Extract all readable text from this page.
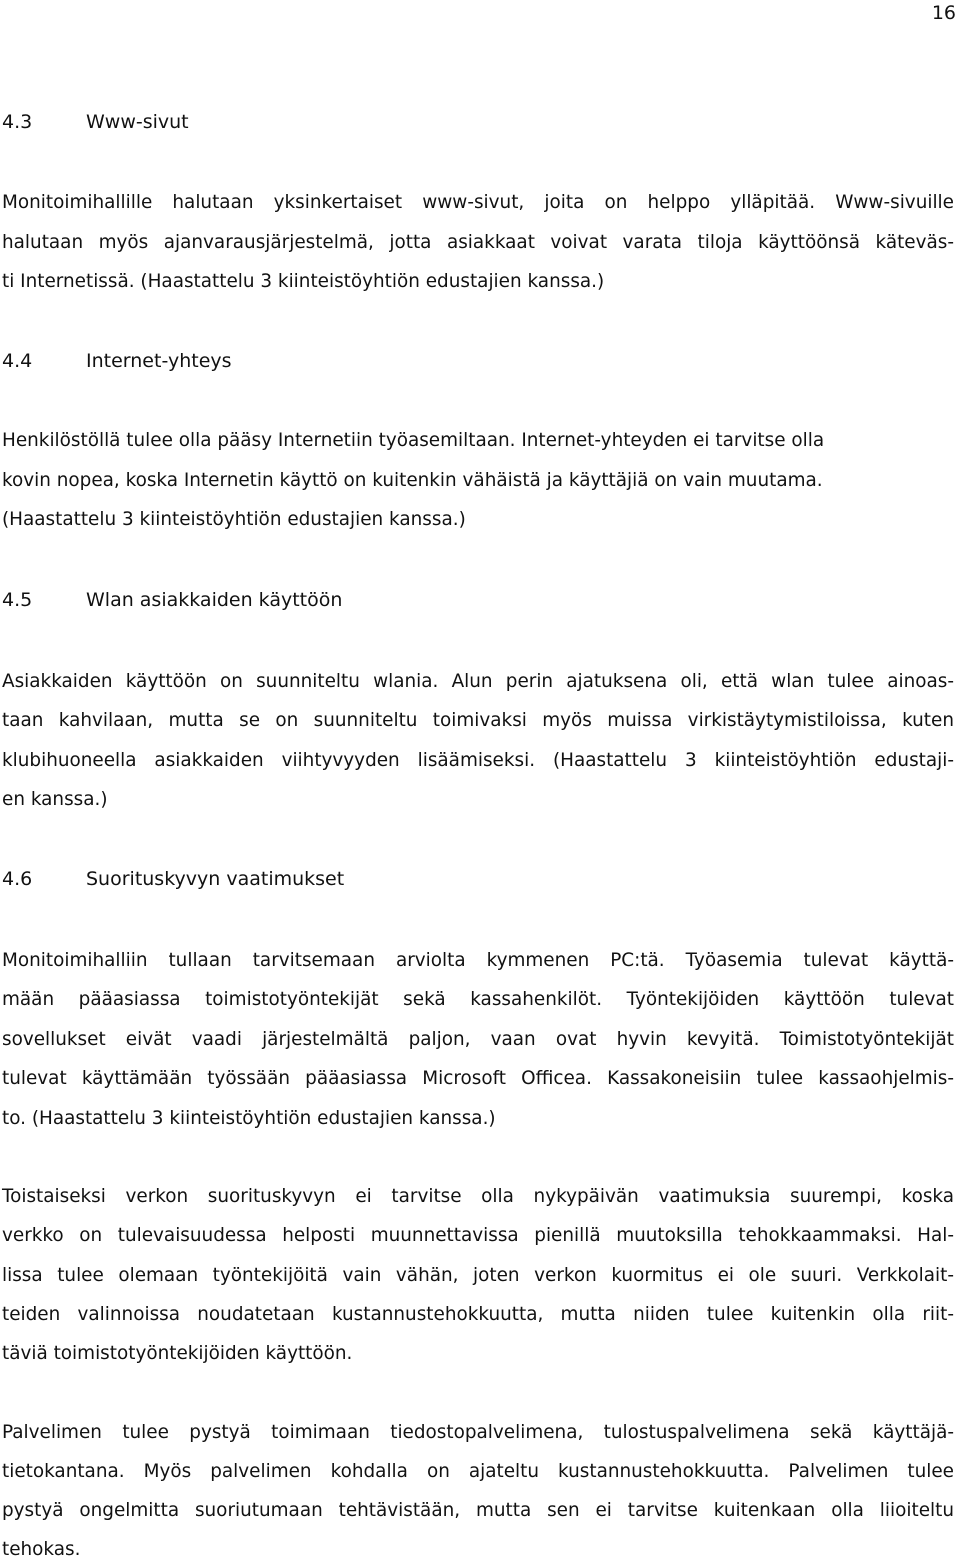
16
4.3	Www-sivut
Monitoimihallille halutaan yksinkertaiset www-sivut, joita on helppo ylläpitää. Www-sivuille
halutaan myös ajanvarausjärjestelmä, jotta asiakkaat voivat varata tiloja käyttöönsä käteväs-
ti Internetissä. (Haastattelu 3 kiinteistöyhtiön edustajien kanssa.)
4.4	Internet-yhteys
Henkilöstöllä tulee olla pääsy Internetiin työasemiltaan. Internet-yhteyden ei tarvitse olla
kovin nopea, koska Internetin käyttö on kuitenkin vähäistä ja käyttäjiä on vain muutama.
(Haastattelu 3 kiinteistöyhtiön edustajien kanssa.)
4.5	Wlan asiakkaiden käyttöön
Asiakkaiden käyttöön on suunniteltu wlania. Alun perin ajatuksena oli, että wlan tulee ainoas-
taan kahvilaan, mutta se on suunniteltu toimivaksi myös muissa virkistäytymistiloissa, kuten
klubihuoneella asiakkaiden viihtyvyyden lisäämiseksi. (Haastattelu 3 kiinteistöyhtiön edustaji-
en kanssa.)
4.6	Suorituskyvyn vaatimukset
Monitoimihalliin tullaan tarvitsemaan arviolta kymmenen PC:tä. Työasemia tulevat käyttä-
mään pääasiassa toimistotyöntekijät sekä kassahenkilöt. Työntekijöiden käyttöön tulevat
sovellukset eivät vaadi järjestelmältä paljon, vaan ovat hyvin kevyitä. Toimistotyöntekijät
tulevat käyttämään työssään pääasiassa Microsoft Officea. Kassakoneisiin tulee kassaohjelmis-
to. (Haastattelu 3 kiinteistöyhtiön edustajien kanssa.)
Toistaiseksi verkon suorituskyvyn ei tarvitse olla nykypäivän vaatimuksia suurempi, koska
verkko on tulevaisuudessa helposti muunnettavissa pienillä muutoksilla tehokkaammaksi. Hal-
lissa tulee olemaan työntekijöitä vain vähän, joten verkon kuormitus ei ole suuri. Verkkolait-
teiden valinnoissa noudatetaan kustannustehokkuutta, mutta niiden tulee kuitenkin olla riit-
täviä toimistotyöntekijöiden käyttöön.
Palvelimen tulee pystyä toimimaan tiedostopalvelimena, tulostuspalvelimena sekä käyttäjä-
tietokantana. Myös palvelimen kohdalla on ajateltu kustannustehokkuutta. Palvelimen tulee
pystyä ongelmitta suoriutumaan tehtävistään, mutta sen ei tarvitse kuitenkaan olla liioiteltu
tehokas.
